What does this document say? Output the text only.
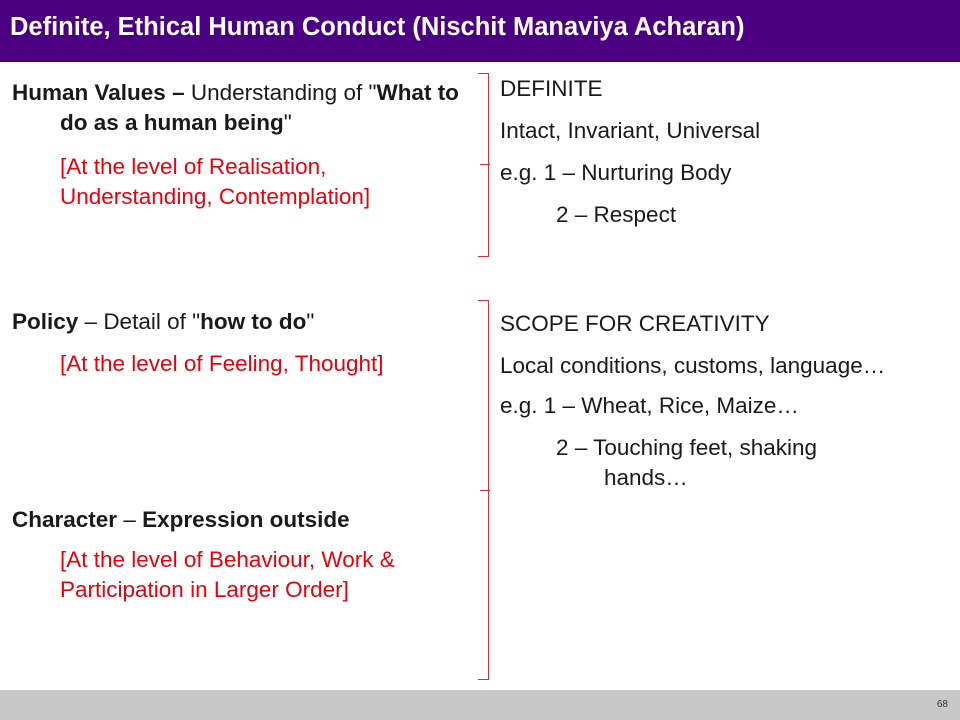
Definite, Ethical Human Conduct (Nischit Manaviya Acharan)
Human Values – Understanding of "What to do as a human being"
[At the level of Realisation, Understanding, Contemplation]
Policy – Detail of "how to do"
[At the level of Feeling, Thought]
Character – Expression outside
[At the level of Behaviour, Work & Participation in Larger Order]

DEFINITE

Intact, Invariant, Universal

e.g. 1 – Nurturing Body

2 – Respect

SCOPE FOR CREATIVITY

Local conditions, customs, language…

e.g. 1 – Wheat, Rice, Maize…

2 – Touching feet, shaking hands…

68
